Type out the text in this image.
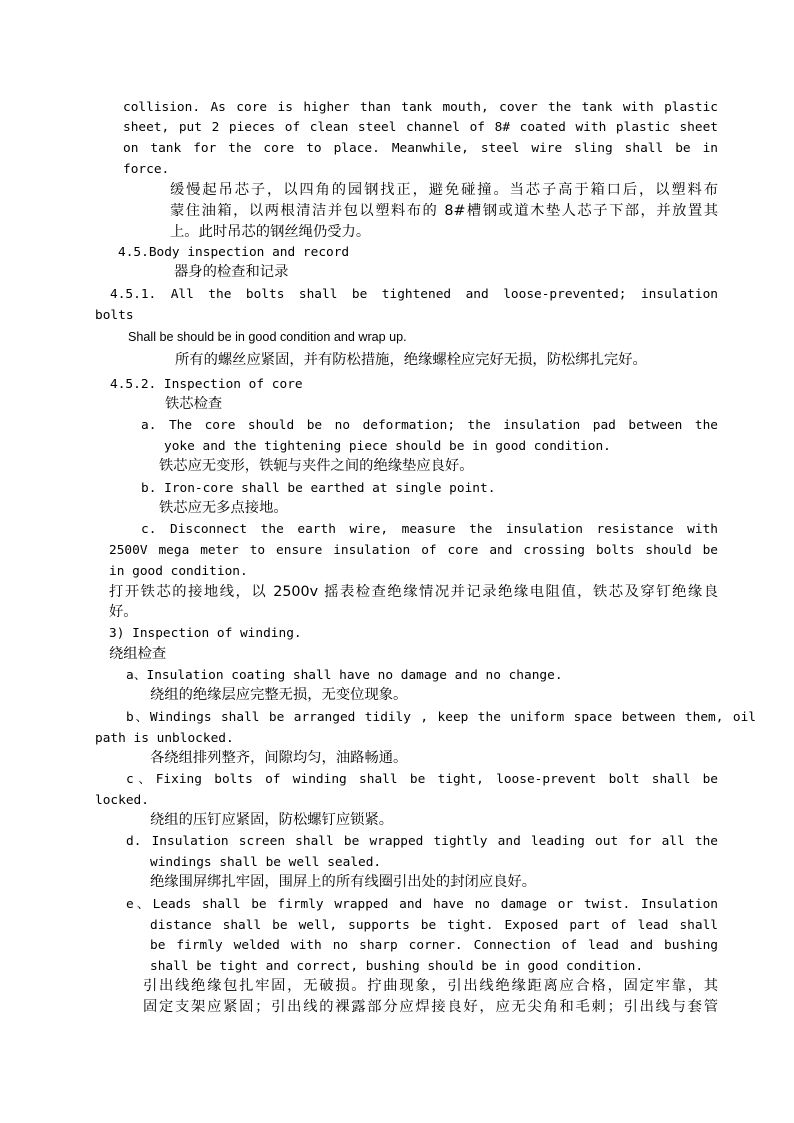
collision. As core is higher than tank mouth, cover the tank with plastic

sheet, put 2 pieces of clean steel channel of 8# coated with plastic sheet

on tank for the core to place. Meanwhile, steel wire sling shall be in

force.

缓慢起吊芯子，以四角的园钢找正，避免碰撞。当芯子高于箱口后，以塑料布

蒙住油箱，以两根清洁并包以塑料布的 8#槽钢或道木垫人芯子下部，并放置其

上。此时吊芯的钢丝绳仍受力。

4.5.Body inspection and record

器身的检查和记录

4.5.1. All the bolts shall be tightened and loose-prevented; insulation

bolts

Shall be should be in good condition and wrap up.

所有的螺丝应紧固，并有防松措施，绝缘螺栓应完好无损，防松绑扎完好。

4.5.2. Inspection of core

铁芯检查

a. The core should be no deformation; the insulation pad between the

yoke and the tightening piece should be in good condition.

铁芯应无变形，铁轭与夹件之间的绝缘垫应良好。

b. Iron-core shall be earthed at single point.

铁芯应无多点接地。

c. Disconnect the earth wire, measure the insulation resistance with

2500V mega meter to ensure insulation of core and crossing bolts should be

in good condition.

打开铁芯的接地线，以 2500v 摇表检查绝缘情况并记录绝缘电阻值，铁芯及穿钉绝缘良

好。

3) Inspection of winding.

绕组检查

a、Insulation coating shall have no damage and no change.

绕组的绝缘层应完整无损，无变位现象。

b、Windings shall be arranged tidily , keep the uniform space between them, oil

path is unblocked.

各绕组排列整齐，间隙均匀，油路畅通。

c、Fixing bolts of winding shall be tight, loose-prevent bolt shall be

locked.

绕组的压钉应紧固，防松螺钉应锁紧。

d. Insulation screen shall be wrapped tightly and leading out for all the

windings shall be well sealed.

绝缘围屏绑扎牢固，围屏上的所有线圈引出处的封闭应良好。

e、Leads shall be firmly wrapped and have no damage or twist. Insulation

distance shall be well, supports be tight. Exposed part of lead shall

be firmly welded with no sharp corner. Connection of lead and bushing

shall be tight and correct, bushing should be in good condition.

引出线绝缘包扎牢固，无破损。拧曲现象，引出线绝缘距离应合格，固定牢靠，其

固定支架应紧固；引出线的裸露部分应焊接良好，应无尖角和毛刺；引出线与套管
